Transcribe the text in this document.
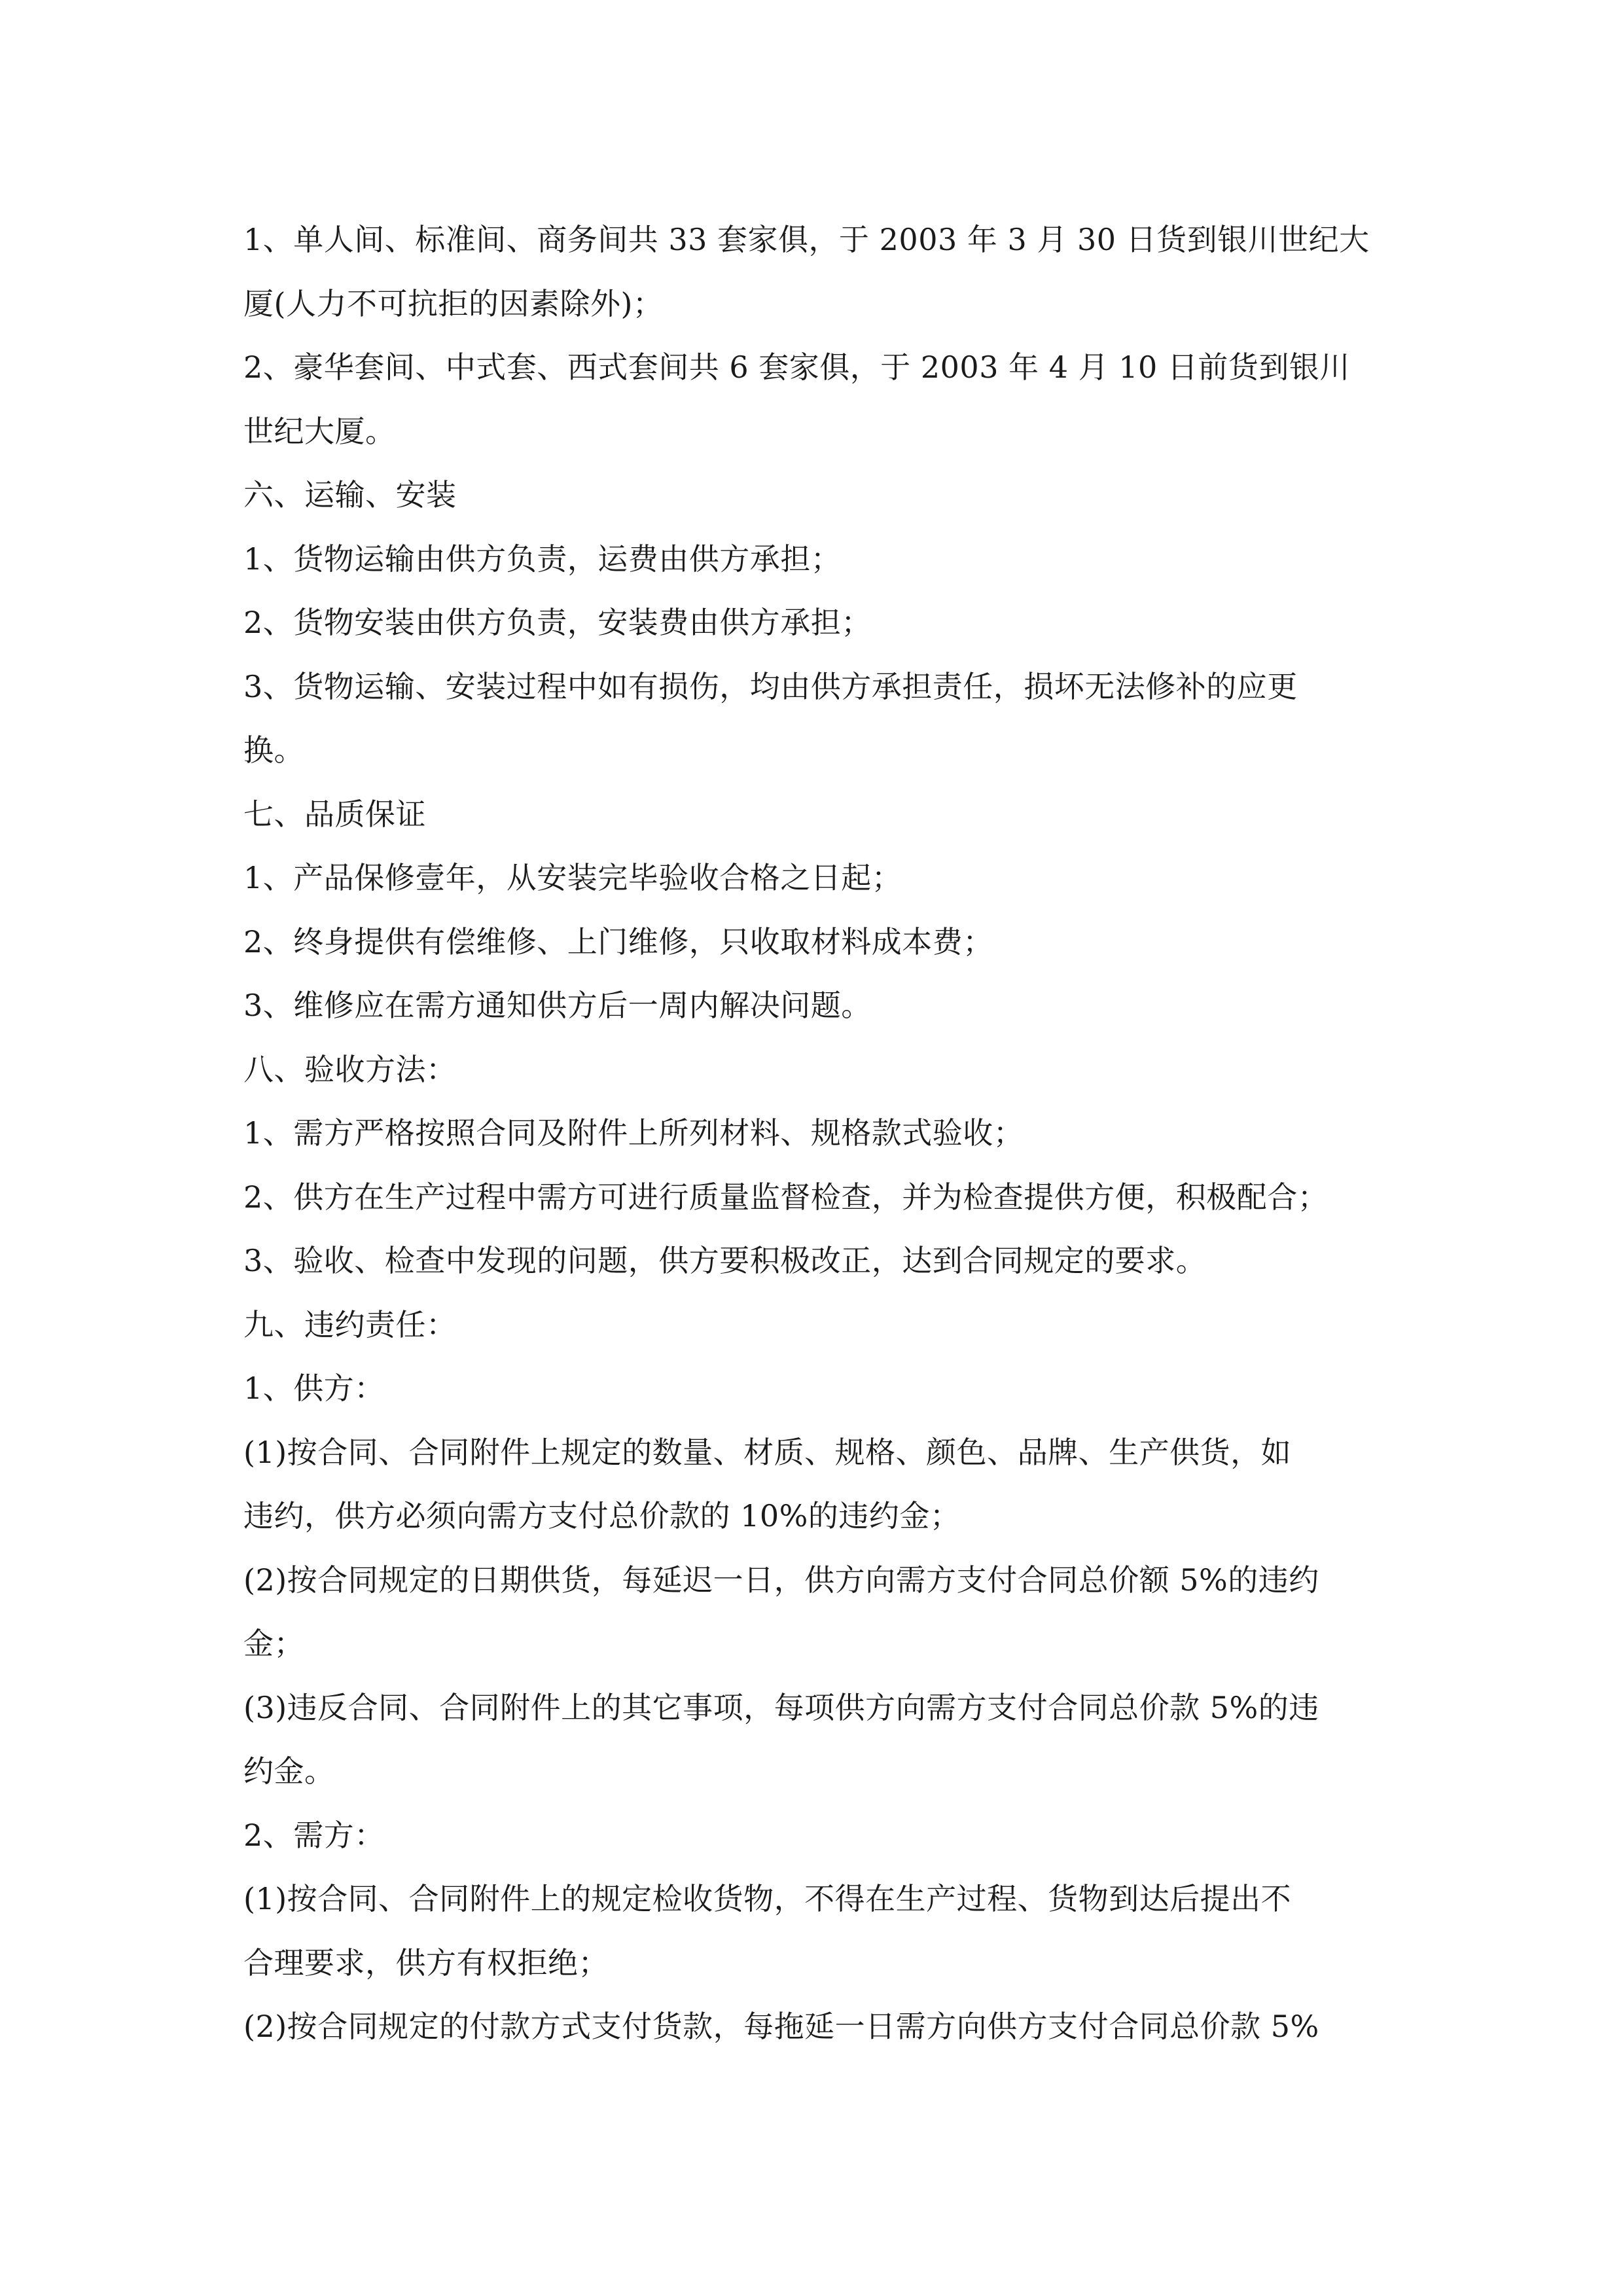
1、单人间、标准间、商务间共 33 套家俱，于 2003 年 3 月 30 日货到银川世纪大
厦(人力不可抗拒的因素除外)；
2、豪华套间、中式套、西式套间共 6 套家俱，于 2003 年 4 月 10 日前货到银川
世纪大厦。
六、运输、安装
1、货物运输由供方负责，运费由供方承担；
2、货物安装由供方负责，安装费由供方承担；
3、货物运输、安装过程中如有损伤，均由供方承担责任，损坏无法修补的应更
换。
七、品质保证
1、产品保修壹年，从安装完毕验收合格之日起；
2、终身提供有偿维修、上门维修，只收取材料成本费；
3、维修应在需方通知供方后一周内解决问题。
八、验收方法：
1、需方严格按照合同及附件上所列材料、规格款式验收；
2、供方在生产过程中需方可进行质量监督检查，并为检查提供方便，积极配合；
3、验收、检查中发现的问题，供方要积极改正，达到合同规定的要求。
九、违约责任：
1、供方：
(1)按合同、合同附件上规定的数量、材质、规格、颜色、品牌、生产供货，如
违约，供方必须向需方支付总价款的 10%的违约金；
(2)按合同规定的日期供货，每延迟一日，供方向需方支付合同总价额 5%的违约
金；
(3)违反合同、合同附件上的其它事项，每项供方向需方支付合同总价款 5%的违
约金。
2、需方：
(1)按合同、合同附件上的规定检收货物，不得在生产过程、货物到达后提出不
合理要求，供方有权拒绝；
(2)按合同规定的付款方式支付货款，每拖延一日需方向供方支付合同总价款 5%
